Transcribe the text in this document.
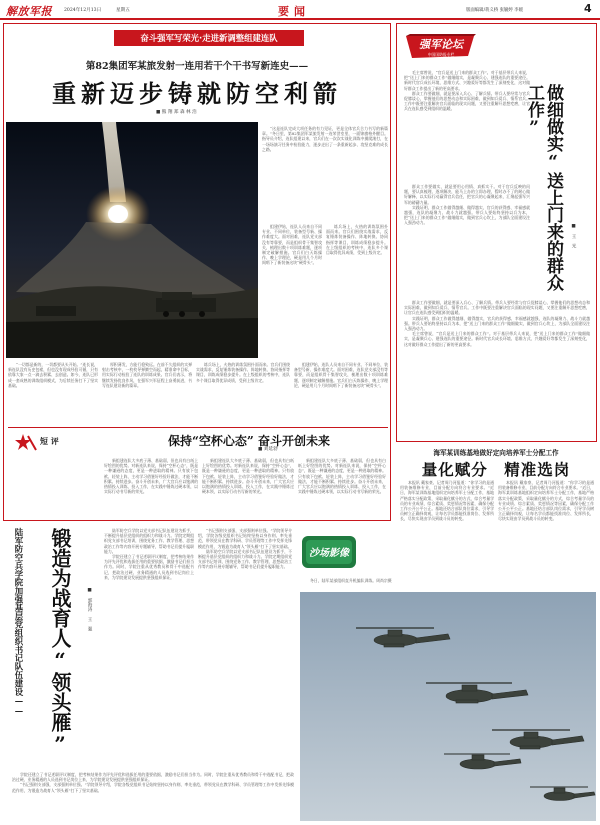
解放军报	2024年12月13日	星期五	要闻	版面编辑/蒋义桥 张毓婷 李媛	4
奋斗强军写荣光·走进新调整组建连队
第82集团军某旅发射一连用若干个干书写新连史——
重新迈步铸就防空利箭
■ 熊 翔 郑 森 林 浩

“这是连队完成大项任务的有力见证，更是全体官兵合力书写的新篇章。”冬日里，第82集团军某旅发射一连荣誉室里，一面锦旗格外醒目。指导员介绍，连队组建以来，官兵们在一次次实战化训练中摸爬滚打，在一场场演习任务中检验能力，逐步走出了一条重新起步、攻坚克难的成长之路。

组建伊始，连队人员来自不同专业、不同单位，装备型号新、操作难度大。面对困难，连队党支部没有等靠要，而是组织骨干集智攻关，梳理出数十项训练难题，逐项制定破解措施。官兵们白天练操作、晚上学理论，硬是用几个月时间啃下了新装备这块“硬骨头”。

练兵场上，火热的训练氛围扑面而来。官兵们围绕实战需求，反复锤炼装备操作、阵地转换、协同指挥等课目，训练成绩稳步提升。在上级组织的考核中，连队多个课目取得优异成绩，受到上级肯定。

“一切都是新的，一切都要从头开始。”连长说，新连队没有历史包袱，但也没有现成经验可循，只有依靠大家一点一滴去积累、去创造。如今，连队已形成一套成熟的训练组织模式，为后续任务打下了坚实基础。

厚积薄发，方能行稳致远。在前不久组织的实弹射击考核中，一枚枚导弹腾空而起，精准命中目标，用实际行动检验了连队的训练成果。官兵们表示，将继续发扬优良作风，在强军兴军征程上奋勇前进，书写连队建设新的篇章。

练兵场上，火热的训练氛围扑面而来。官兵们围绕实战需求，反复锤炼装备操作、阵地转换、协同指挥等课目，训练成绩稳步提升。在上级组织的考核中，连队多个课目取得优异成绩，受到上级肯定。

组建伊始，连队人员来自不同专业、不同单位，装备型号新、操作难度大。面对困难，连队党支部没有等靠要，而是组织骨干集智攻关，梳理出数十项训练难题，逐项制定破解措施。官兵们白天练操作、晚上学理论，硬是用几个月时间啃下了新装备这块“硬骨头”。

短 评	保持“空杯心态” 奋斗开创未来
■ 刘延勃

新组建连队大多底子薄、基础弱，但也具有白纸上好绘图的优势。对新连队来说，保持“空杯心态”，既是一种谦逊的态度，更是一种进取的精神。只有放下包袱、轻装上阵，主动学习借鉴好经验好做法，才能不断积累、持续进步。奋斗开创未来，广大官兵应以饱满的热情投入训练、投入工作，在实践中锤炼过硬本领，以实际行动书写新的荣光。

新组建连队大多底子薄、基础弱，但也具有白纸上好绘图的优势。对新连队来说，保持“空杯心态”，既是一种谦逊的态度，更是一种进取的精神。只有放下包袱、轻装上阵，主动学习借鉴好经验好做法，才能不断积累、持续进步。奋斗开创未来，广大官兵应以饱满的热情投入训练、投入工作，在实践中锤炼过硬本领，以实际行动书写新的荣光。

新组建连队大多底子薄、基础弱，但也具有白纸上好绘图的优势。对新连队来说，保持“空杯心态”，既是一种谦逊的态度，更是一种进取的精神。只有放下包袱、轻装上阵，主动学习借鉴好经验好做法，才能不断积累、持续进步。奋斗开创未来，广大官兵应以饱满的热情投入训练、投入工作，在实践中锤炼过硬本领，以实际行动书写新的荣光。

强军论坛
中国国防报专栏

毛主席曾说，“官兵是送上门来的群众工作”。对于基层带兵人来说，把“送上门来的群众工作”做细做实，是凝聚兵心、建强连队的重要途径。新时代官兵成长环境、思维方式、兴趣爱好等都发生了深刻变化，这对做好群众工作提出了新的更高要求。

群众工作要做细，就是要深入兵心、了解兵情。带兵人要经常与官兵促膝谈心，掌握他们的思想动态和实际困难，做到知兵爱兵、情系官兵。工作中既要注重解决官兵面临的现实问题，又要注重解开思想疙瘩，让官兵在连队感受到组织的温暖。

群众工作要做实，就是要用心用情、真抓实干。对于官兵反映的问题，要认真梳理、逐项解决，能马上办的立即办理，暂时办不了的耐心做好解释，以实际行动赢得官兵信任，把官兵的心凝聚起来，汇聚起强军兴军的磅礴力量。

实践证明，群众工作做得越细、做得越实，官兵的获得感、幸福感就越强，连队的凝聚力、战斗力就越强。带兵人要始终坚持以兵为本，把“送上门来的群众工作”做细做实，做到官兵心坎上，为部队全面建设注入强劲动力。

群众工作要做细，就是要深入兵心、了解兵情。带兵人要经常与官兵促膝谈心，掌握他们的思想动态和实际困难，做到知兵爱兵、情系官兵。工作中既要注重解决官兵面临的现实问题，又要注重解开思想疙瘩，让官兵在连队感受到组织的温暖。

实践证明，群众工作做得越细、做得越实，官兵的获得感、幸福感就越强，连队的凝聚力、战斗力就越强。带兵人要始终坚持以兵为本，把“送上门来的群众工作”做细做实，做到官兵心坎上，为部队全面建设注入强劲动力。

毛主席曾说，“官兵是送上门来的群众工作”。对于基层带兵人来说，把“送上门来的群众工作”做细做实，是凝聚兵心、建强连队的重要途径。新时代官兵成长环境、思维方式、兴趣爱好等都发生了深刻变化，这对做好群众工作提出了新的更高要求。

做细做实“送上门来的群众工作”
■ 王 光
海军某训练基地做好定向培养军士分配工作
量化赋分　精准选岗

本报讯 戴家豪、记者周乃河报道：“你学习的是通用装备维修专业，目前分配方向符合专业要求。”近日，海军某训练基地组织定向培养军士分配工作，基地严格落实分配政策，采取量化赋分的方式，综合考量学员的专业成绩、综合素质、奖惩情况等因素，确保分配工作公开公平公正。基地还结合部队岗位需求，引导学员树立正确择岗观，让每名学员都能找准岗位、发挥所长，尽快实现由学员到战斗员的转变。

本报讯 戴家豪、记者周乃河报道：“你学习的是通用装备维修专业，目前分配方向符合专业要求。”近日，海军某训练基地组织定向培养军士分配工作，基地严格落实分配政策，采取量化赋分的方式，综合考量学员的专业成绩、综合素质、奖惩情况等因素，确保分配工作公开公平公正。基地还结合部队岗位需求，引导学员树立正确择岗观，让每名学员都能找准岗位、发挥所长，尽快实现由学员到战斗员的转变。

陆军防空兵学院加强基层党组织书记队伍建设—— 锻造为战育人“领头雁”	■ 郭海涛 王 强

陆军防空兵学院以党支部书记队伍建设为抓手，不断提升基层党组织的组织力和战斗力。学院定期组织党支部书记培训，围绕党务工作、教学管理、思想政治工作等内容开展专题辅导，帮助书记们提升履职能力。

学院还建立了书记述职评议制度，把考核结果作为评先评优和选拔任用的重要依据，激励书记们担当作为。同时，学院注重从优秀教员和骨干中选配书记，把政治过硬、业务精通的人员选到书记岗位上来，为学院建设发展提供坚强组织保证。

“书记强则支部强，支部强则单位强。”学院领导介绍，学院各级党组织书记始终坚持以身作则、率先垂范，带领党员在教学科研、学员管理等工作中发挥先锋模范作用，为锻造为战育人“领头雁”打下了坚实基础。

陆军防空兵学院以党支部书记队伍建设为抓手，不断提升基层党组织的组织力和战斗力。学院定期组织党支部书记培训，围绕党务工作、教学管理、思想政治工作等内容开展专题辅导，帮助书记们提升履职能力。

学院还建立了书记述职评议制度，把考核结果作为评先评优和选拔任用的重要依据，激励书记们担当作为。同时，学院注重从优秀教员和骨干中选配书记，把政治过硬、业务精通的人员选到书记岗位上来，为学院建设发展提供坚强组织保证。

“书记强则支部强，支部强则单位强。”学院领导介绍，学院各级党组织书记始终坚持以身作则、率先垂范，带领党员在教学科研、学员管理等工作中发挥先锋模范作用，为锻造为战育人“领头雁”打下了坚实基础。

沙场影像

冬日，陆军某部组织直升机编队训练。周尚宗摄
